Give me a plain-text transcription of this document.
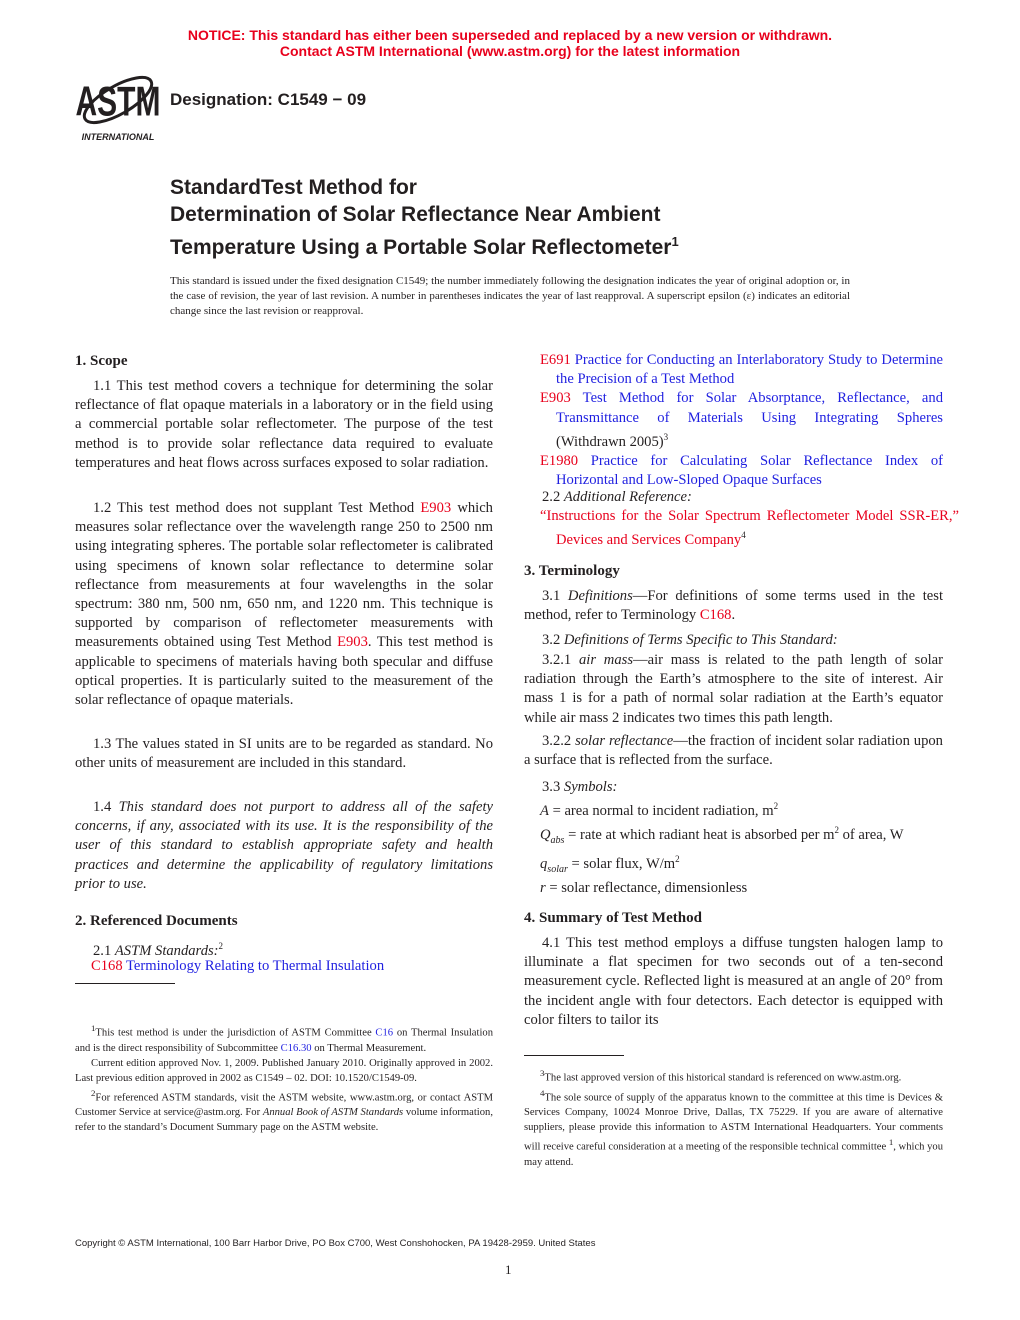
NOTICE: This standard has either been superseded and replaced by a new version or withdrawn.
Contact ASTM International (www.astm.org) for the latest information
ASTM
INTERNATIONAL
Designation: C1549 − 09
StandardTest Method for
Determination of Solar Reflectance Near Ambient
Temperature Using a Portable Solar Reflectometer$^1$
This standard is issued under the fixed designation C1549; the number immediately following the designation indicates the year of original adoption or, in the case of revision, the year of last revision. A number in parentheses indicates the year of last reapproval. A superscript epsilon (ε) indicates an editorial change since the last revision or reapproval.
1. Scope
1.1 This test method covers a technique for determining the solar reflectance of flat opaque materials in a laboratory or in the field using a commercial portable solar reflectometer. The purpose of the test method is to provide solar reflectance data required to evaluate temperatures and heat flows across surfaces exposed to solar radiation.
1.2 This test method does not supplant Test Method E903 which measures solar reflectance over the wavelength range 250 to 2500 nm using integrating spheres. The portable solar reflectometer is calibrated using specimens of known solar reflectance to determine solar reflectance from measurements at four wavelengths in the solar spectrum: 380 nm, 500 nm, 650 nm, and 1220 nm. This technique is supported by comparison of reflectometer measurements with measurements obtained using Test Method E903. This test method is applicable to specimens of materials having both specular and diffuse optical properties. It is particularly suited to the measurement of the solar reflectance of opaque materials.
1.3 The values stated in SI units are to be regarded as standard. No other units of measurement are included in this standard.
1.4 This standard does not purport to address all of the safety concerns, if any, associated with its use. It is the responsibility of the user of this standard to establish appropriate safety and health practices and determine the applicability of regulatory limitations prior to use.
2. Referenced Documents
2.1 ASTM Standards:$^2$
C168 Terminology Relating to Thermal Insulation
$^1$This test method is under the jurisdiction of ASTM Committee C16 on Thermal Insulation and is the direct responsibility of Subcommittee C16.30 on Thermal Measurement.
Current edition approved Nov. 1, 2009. Published January 2010. Originally approved in 2002. Last previous edition approved in 2002 as C1549 – 02. DOI: 10.1520/C1549-09.
$^2$For referenced ASTM standards, visit the ASTM website, www.astm.org, or contact ASTM Customer Service at service@astm.org. For Annual Book of ASTM Standards volume information, refer to the standard’s Document Summary page on the ASTM website.
E691 Practice for Conducting an Interlaboratory Study to Determine the Precision of a Test Method
E903 Test Method for Solar Absorptance, Reflectance, and Transmittance of Materials Using Integrating Spheres (Withdrawn 2005)$^3$
E1980 Practice for Calculating Solar Reflectance Index of Horizontal and Low-Sloped Opaque Surfaces
2.2 Additional Reference:
“Instructions for the Solar Spectrum Reflectometer Model SSR-ER,” Devices and Services Company$^4$
3. Terminology
3.1 Definitions—For definitions of some terms used in the test method, refer to Terminology C168.
3.2 Definitions of Terms Specific to This Standard:
3.2.1 air mass—air mass is related to the path length of solar radiation through the Earth’s atmosphere to the site of interest. Air mass 1 is for a path of normal solar radiation at the Earth’s equator while air mass 2 indicates two times this path length.
3.2.2 solar reflectance—the fraction of incident solar radiation upon a surface that is reflected from the surface.
3.3 Symbols:
A = area normal to incident radiation, $m^2$
$Q_{abs}$ = rate at which radiant heat is absorbed per $m^2$ of area, W
$q_{solar}$ = solar flux, $W/m^2$
r = solar reflectance, dimensionless
4. Summary of Test Method
4.1 This test method employs a diffuse tungsten halogen lamp to illuminate a flat specimen for two seconds out of a ten-second measurement cycle. Reflected light is measured at an angle of 20° from the incident angle with four detectors. Each detector is equipped with color filters to tailor its
$^3$The last approved version of this historical standard is referenced on www.astm.org.
$^4$The sole source of supply of the apparatus known to the committee at this time is Devices & Services Company, 10024 Monroe Drive, Dallas, TX 75229. If you are aware of alternative suppliers, please provide this information to ASTM International Headquarters. Your comments will receive careful consideration at a meeting of the responsible technical committee $^1$, which you may attend.
Copyright © ASTM International, 100 Barr Harbor Drive, PO Box C700, West Conshohocken, PA 19428-2959. United States
1
